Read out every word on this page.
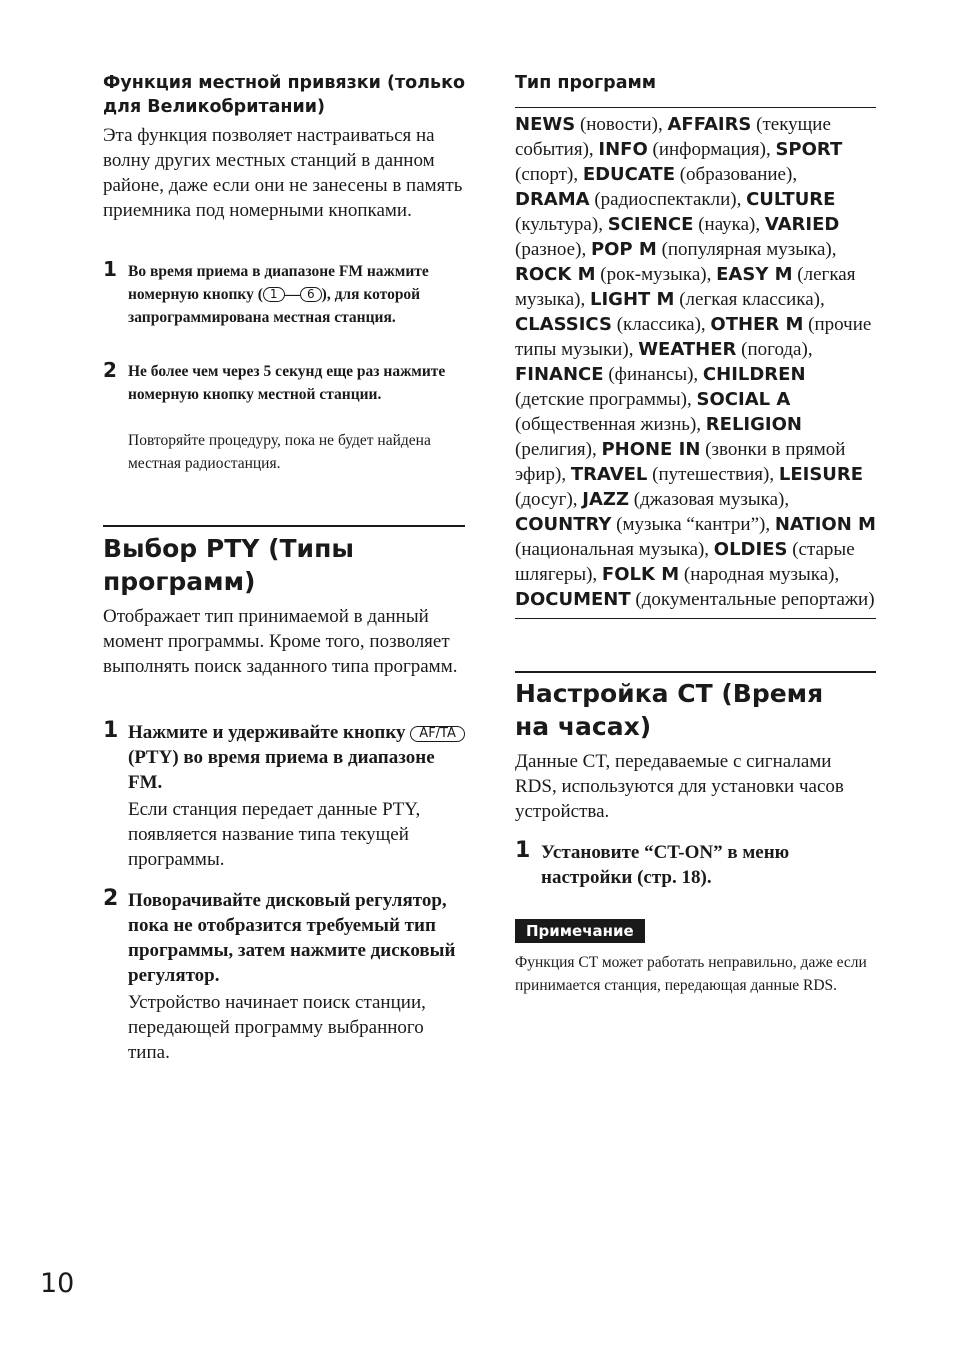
Функция местной привязки (только для Великобритании)

Эта функция позволяет настраиваться на волну других местных станций в данном районе, даже если они не занесены в память приемника под номерными кнопками.

1 Во время приема в диапазоне FM нажмите номерную кнопку ( 1 — 6 ), для которой запрограммирована местная станция.
2 Не более чем через 5 секунд еще раз нажмите номерную кнопку местной станции.
Повторяйте процедуру, пока не будет найдена местная радиостанция.
Выбор PTY (Типы программ)

Отображает тип принимаемой в данный момент программы. Кроме того, позволяет выполнять поиск заданного типа программ.

1 Нажмите и удерживайте кнопку AF/TA (PTY) во время приема в диапазоне FM.
Если станция передает данные PTY, появляется название типа текущей программы.
2 Поворачивайте дисковый регулятор, пока не отобразится требуемый тип программы, затем нажмите дисковый регулятор.
Устройство начинает поиск станции, передающей программу выбранного типа.

Тип программ

NEWS (новости), AFFAIRS (текущие события), INFO (информация), SPORT (спорт), EDUCATE (образование), DRAMA (радиоспектакли), CULTURE (культура), SCIENCE (наука), VARIED (разное), POP M (популярная музыка), ROCK M (рок-музыка), EASY M (легкая музыка), LIGHT M (легкая классика), CLASSICS (классика), OTHER M (прочие типы музыки), WEATHER (погода), FINANCE (финансы), CHILDREN (детские программы), SOCIAL A (общественная жизнь), RELIGION (религия), PHONE IN (звонки в прямой эфир), TRAVEL (путешествия), LEISURE (досуг), JAZZ (джазовая музыка), COUNTRY (музыка “кантри”), NATION M (национальная музыка), OLDIES (старые шлягеры), FOLK M (народная музыка), DOCUMENT (документальные репортажи)

Настройка CT (Время на часах)

Данные CT, передаваемые с сигналами RDS, используются для установки часов устройства.

1 Установите “CT-ON” в меню настройки (стр. 18).
Примечание

Функция CT может работать неправильно, даже если принимается станция, передающая данные RDS.

10
